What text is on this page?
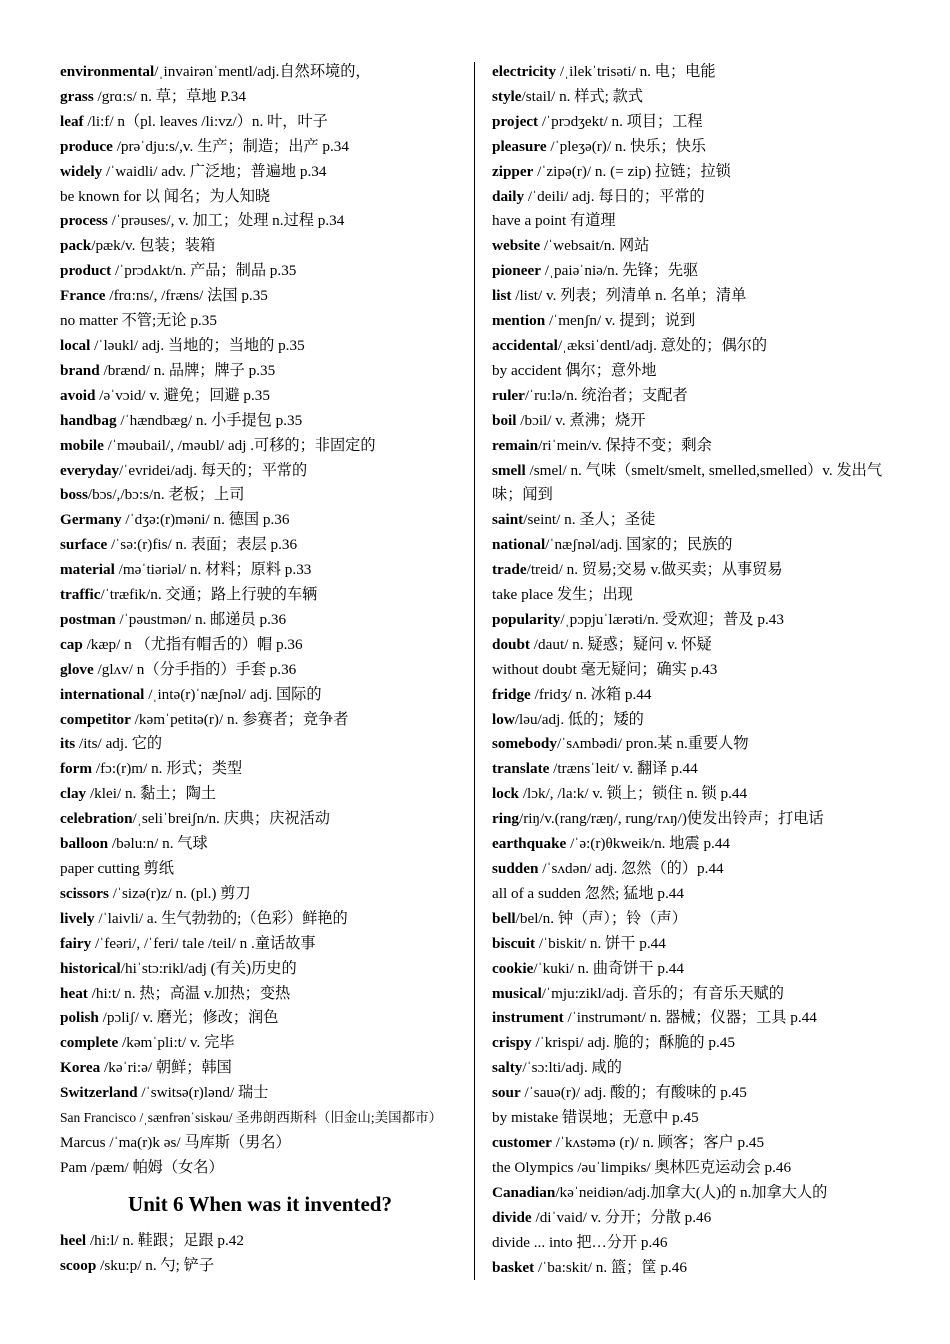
environmental/ˌinvairənˈmentl/adj.自然环境的，
grass /grɑ:s/ n. 草；草地 P.34
leaf /li:f/ n（pl. leaves /li:vz/）n. 叶，叶子
produce /prəˈdju:s/,v. 生产；制造；出产 p.34
widely /ˈwaidli/ adv. 广泛地；普遍地 p.34
be known for 以 闻名；为人知晓
process /ˈprəuses/, v. 加工；处理 n.过程 p.34
pack/pæk/v. 包装；装箱
product /ˈprɔdʌkt/n. 产品；制品 p.35
France /frɑ:ns/, /fræns/ 法国 p.35
no matter 不管;无论 p.35
local /ˈləukl/ adj. 当地的；当地的 p.35
brand /brænd/ n. 品牌；牌子 p.35
avoid /əˈvɔid/ v. 避免；回避 p.35
handbag /ˈhændbæg/ n. 小手提包 p.35
mobile /ˈməubail/, /məubl/ adj .可移的；非固定的
everyday/ˈevridei/adj. 每天的；平常的
boss/bɔs/,/bɔ:s/n. 老板；上司
Germany /ˈdʒə:(r)məni/ n. 德国 p.36
surface /ˈsə:(r)fis/ n. 表面；表层 p.36
material /məˈtiəriəl/ n. 材料；原料 p.33
traffic/ˈtræfik/n. 交通；路上行驶的车辆
postman /ˈpəustmən/ n. 邮递员 p.36
cap /kæp/ n （尤指有帽舌的）帽 p.36
glove /glʌv/ n（分手指的）手套 p.36
international /ˌintə(r)ˈnæʃnəl/ adj. 国际的
competitor /kəmˈpetitə(r)/ n. 参赛者；竞争者
its /its/ adj. 它的
form /fɔ:(r)m/ n. 形式；类型
clay /klei/ n. 黏土；陶土
celebration/ˌseliˈbreiʃn/n. 庆典；庆祝活动
balloon /bəlu:n/ n. 气球
paper cutting 剪纸
scissors /ˈsizə(r)z/ n. (pl.) 剪刀
lively /ˈlaivli/ a. 生气勃勃的;（色彩）鲜艳的
fairy /ˈfeəri/, /ˈferi/ tale /teil/ n .童话故事
historical/hiˈstɔ:rikl/adj (有关)历史的
heat /hi:t/ n. 热；高温 v.加热；变热
polish /pɔliʃ/ v. 磨光；修改；润色
complete /kəmˈpli:t/ v. 完毕
Korea /kəˈri:ə/ 朝鲜；韩国
Switzerland /ˈswitsə(r)lənd/ 瑞士
San Francisco /ˌsænfrənˈsiskəu/ 圣弗朗西斯科（旧金山;美国都市）
Marcus /ˈma(r)k əs/ 马库斯（男名）
Pam /pæm/ 帕姆（女名）
Unit 6 When was it invented?
heel /hi:l/ n. 鞋跟；足跟 p.42
scoop /sku:p/ n. 勺; 铲子
electricity /ˌilekˈtrisəti/ n. 电；电能
style/stail/ n. 样式; 款式
project /ˈprɔdʒekt/ n. 项目；工程
pleasure /ˈpleʒə(r)/ n. 快乐；快乐
zipper /ˈzipə(r)/ n. (= zip) 拉链；拉锁
daily /ˈdeili/ adj. 每日的；平常的
have a point 有道理
website /ˈwebsait/n. 网站
pioneer /ˌpaiəˈniə/n. 先锋；先驱
list /list/ v. 列表；列清单 n. 名单；清单
mention /ˈmenʃn/ v. 提到；说到
accidental/ˌæksiˈdentl/adj. 意处的；偶尔的
by accident 偶尔；意外地
ruler/ˈru:lə/n. 统治者；支配者
boil /bɔil/ v. 煮沸；烧开
remain/riˈmein/v. 保持不变；剩余
smell /smel/ n. 气味（smelt/smelt, smelled,smelled）v. 发出气味；闻到
saint/seint/ n. 圣人；圣徒
national/ˈnæʃnəl/adj. 国家的；民族的
trade/treid/ n. 贸易;交易 v.做买卖；从事贸易
take place 发生；出现
popularity/ˌpɔpjuˈlærəti/n. 受欢迎；普及 p.43
doubt /daut/ n. 疑惑；疑问 v. 怀疑
without doubt 毫无疑问；确实 p.43
fridge /fridʒ/ n. 冰箱 p.44
low/ləu/adj. 低的；矮的
somebody/ˈsʌmbədi/ pron.某 n.重要人物
translate /trænsˈleit/ v. 翻译 p.44
lock /lɔk/, /la:k/ v. 锁上；锁住 n. 锁 p.44
ring/riŋ/v.(rang/ræŋ/, rung/rʌŋ/)使发出铃声；打电话
earthquake /ˈə:(r)θkweik/n. 地震 p.44
sudden /ˈsʌdən/ adj. 忽然（的）p.44
all of a sudden 忽然; 猛地 p.44
bell/bel/n. 钟（声）；铃（声）
biscuit /ˈbiskit/ n. 饼干 p.44
cookie/ˈkuki/ n. 曲奇饼干 p.44
musical/ˈmju:zikl/adj. 音乐的；有音乐天赋的
instrument /ˈinstrumənt/ n. 器械；仪器；工具 p.44
crispy /ˈkrispi/ adj. 脆的；酥脆的 p.45
salty/ˈsɔ:lti/adj. 咸的
sour /ˈsauə(r)/ adj. 酸的；有酸味的 p.45
by mistake 错误地；无意中 p.45
customer /ˈkʌstəmə (r)/ n. 顾客；客户 p.45
the Olympics /əuˈlimpiks/ 奥林匹克运动会 p.46
Canadian/kəˈneidiən/adj.加拿大(人)的 n.加拿大人的
divide /diˈvaid/ v. 分开；分散 p.46
divide ... into 把…分开 p.46
basket /ˈba:skit/ n. 篮；筐 p.46
